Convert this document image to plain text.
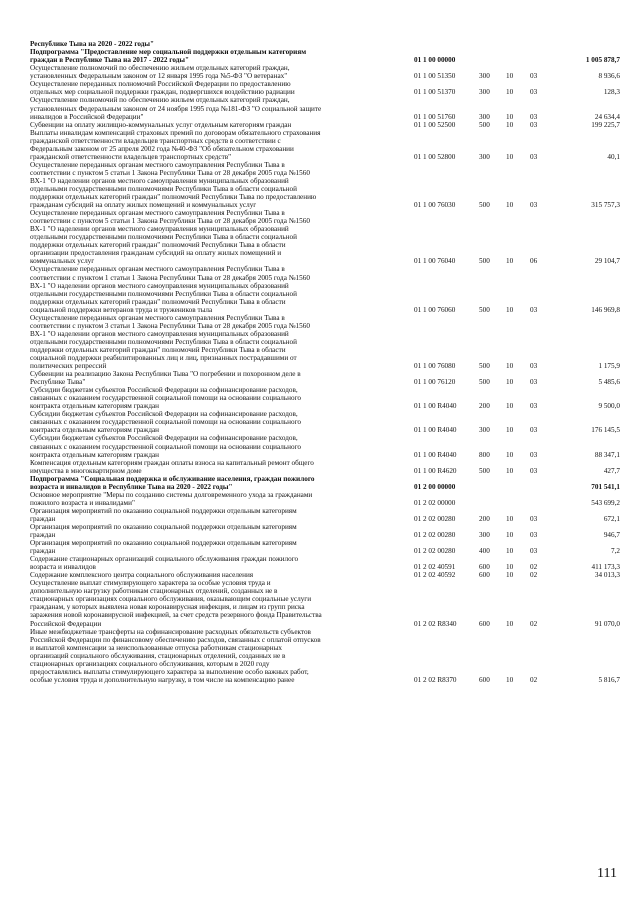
Республике Тыва на 2020 - 2022 годы"
Подпрограмма "Предоставление мер социальной поддержки отдельным категориям
граждан в Республике Тыва на 2017 - 2022 годы"	01 1 00 00000	1 005 878,7
Осуществление полномочий по обеспечению жильем отдельных категорий граждан,
установленных Федеральным законом от 12 января 1995 года №5-ФЗ "О ветеранах"	01 1 00 51350	300 10 03	8 936,6
Осуществление переданных полномочий Российской Федерации по предоставлению
отдельных мер социальной поддержки граждан, подвергшихся воздействию радиации	01 1 00 51370	300 10 03	128,3
Осуществление полномочий по обеспечению жильем отдельных категорий граждан,
установленных Федеральным законом от 24 ноября 1995 года №181-ФЗ "О социальной защите
инвалидов в Российской Федерации"	01 1 00 51760	300 10 03	24 634,4
Субвенции на оплату жилищно-коммунальных услуг отдельным категориям граждан	01 1 00 52500	500 10 03	199 225,7
Выплаты инвалидам компенсаций страховых премий по договорам обязательного страхования
гражданской ответственности владельцев транспортных средств в соответствии с
Федеральным законом от 25 апреля 2002 года №40-ФЗ "Об обязательном страховании
гражданской ответственности владельцев транспортных средств"	01 1 00 52800	300 10 03	40,1
Осуществление переданных органам местного самоуправления Республики Тыва в
соответствии с пунктом 5 статьи 1 Закона Республики Тыва от 28 декабря 2005 года №1560
ВХ-1 "О наделении органов местного самоуправления муниципальных образований
отдельными государственными полномочиями Республики Тыва в области социальной
поддержки отдельных категорий граждан" полномочий Республики Тыва по предоставлению
гражданам субсидий на оплату жилых помещений и коммунальных услуг	01 1 00 76030	500 10 03	315 757,3
Осуществление переданных органам местного самоуправления Республики Тыва в
соответствии с пунктом 5 статьи 1 Закона Республики Тыва от 28 декабря 2005 года №1560
ВХ-1 "О наделении органов местного самоуправления муниципальных образований
отдельными государственными полномочиями Республики Тыва в области социальной
поддержки отдельных категорий граждан" полномочий Республики Тыва в области
организации предоставления гражданам субсидий на оплату жилых помещений и
коммунальных услуг	01 1 00 76040	500 10 06	29 104,7
Осуществление переданных органам местного самоуправления Республики Тыва в
соответствии с пунктом 1 статьи 1 Закона Республики Тыва от 28 декабря 2005 года №1560
ВХ-1 "О наделении органов местного самоуправления муниципальных образований
отдельными государственными полномочиями Республики Тыва в области социальной
поддержки отдельных категорий граждан" полномочий Республики Тыва в области
социальной поддержки ветеранов труда и тружеников тыла	01 1 00 76060	500 10 03	146 969,8
Осуществление переданных органам местного самоуправления Республики Тыва в
соответствии с пунктом 3 статьи 1 Закона Республики Тыва от 28 декабря 2005 года №1560
ВХ-1 "О наделении органов местного самоуправления муниципальных образований
отдельными государственными полномочиями Республики Тыва в области социальной
поддержки отдельных категорий граждан" полномочий Республики Тыва в области
социальной поддержки реабилитированных лиц и лиц, признанных пострадавшими от
политических репрессий	01 1 00 76080	500 10 03	1 175,9
Субвенции на реализацию Закона Республики Тыва "О погребении и похоронном деле в
Республике Тыва"	01 1 00 76120	500 10 03	5 485,6
Субсидии бюджетам субъектов Российской Федерации на софинансирование расходов,
связанных с оказанием государственной социальной помощи на основании социального
контракта отдельным категориям граждан	01 1 00 R4040	200 10 03	9 500,0
Субсидии бюджетам субъектов Российской Федерации на софинансирование расходов,
связанных с оказанием государственной социальной помощи на основании социального
контракта отдельным категориям граждан	01 1 00 R4040	300 10 03	176 145,5
Субсидии бюджетам субъектов Российской Федерации на софинансирование расходов,
связанных с оказанием государственной социальной помощи на основании социального
контракта отдельным категориям граждан	01 1 00 R4040	800 10 03	88 347,1
Компенсация отдельным категориям граждан оплаты взноса на капитальный ремонт общего
имущества в многоквартирном доме	01 1 00 R4620	500 10 03	427,7
Подпрограмма "Социальная поддержка и обслуживание населения, граждан пожилого
возраста и инвалидов в Республике Тыва на 2020 - 2022 годы"	01 2 00 00000	701 541,1
Основное мероприятие "Меры по созданию системы долговременного ухода за гражданами
пожилого возраста и инвалидами"	01 2 02 00000	543 699,2
Организация мероприятий по оказанию социальной поддержки отдельным категориям
граждан	01 2 02 00280	200 10 03	672,1
Организация мероприятий по оказанию социальной поддержки отдельным категориям
граждан	01 2 02 00280	300 10 03	946,7
Организация мероприятий по оказанию социальной поддержки отдельным категориям
граждан	01 2 02 00280	400 10 03	7,2
Содержание стационарных организаций социального обслуживания граждан пожилого
возраста и инвалидов	01 2 02 40591	600 10 02	411 173,3
Содержание комплексного центра социального обслуживания населения	01 2 02 40592	600 10 02	34 013,3
Осуществление выплат стимулирующего характера за особые условия труда и
дополнительную нагрузку работникам стационарных отделений, созданных не в
стационарных организациях социального обслуживания, оказывающим социальные услуги
гражданам, у которых выявлена новая коронавирусная инфекция, и лицам из групп риска
заражения новой коронавирусной инфекцией, за счет средств резервного фонда Правительства
Российской Федерации	01 2 02 R8340	600 10 02	91 070,0
Иные межбюджетные трансферты на софинансирование расходных обязательств субъектов
Российской Федерации по финансовому обеспечению расходов, связанных с оплатой отпусков
и выплатой компенсации за неиспользованные отпуска работникам стационарных
организаций социального обслуживания, стационарных отделений, созданных не в
стационарных организациях социального обслуживания, которым в 2020 году
предоставлялись выплаты стимулирующего характера за выполнение особо важных работ,
особые условия труда и дополнительную нагрузку, в том числе на компенсацию ранее	01 2 02 R8370	600 10 02	5 816,7
111
